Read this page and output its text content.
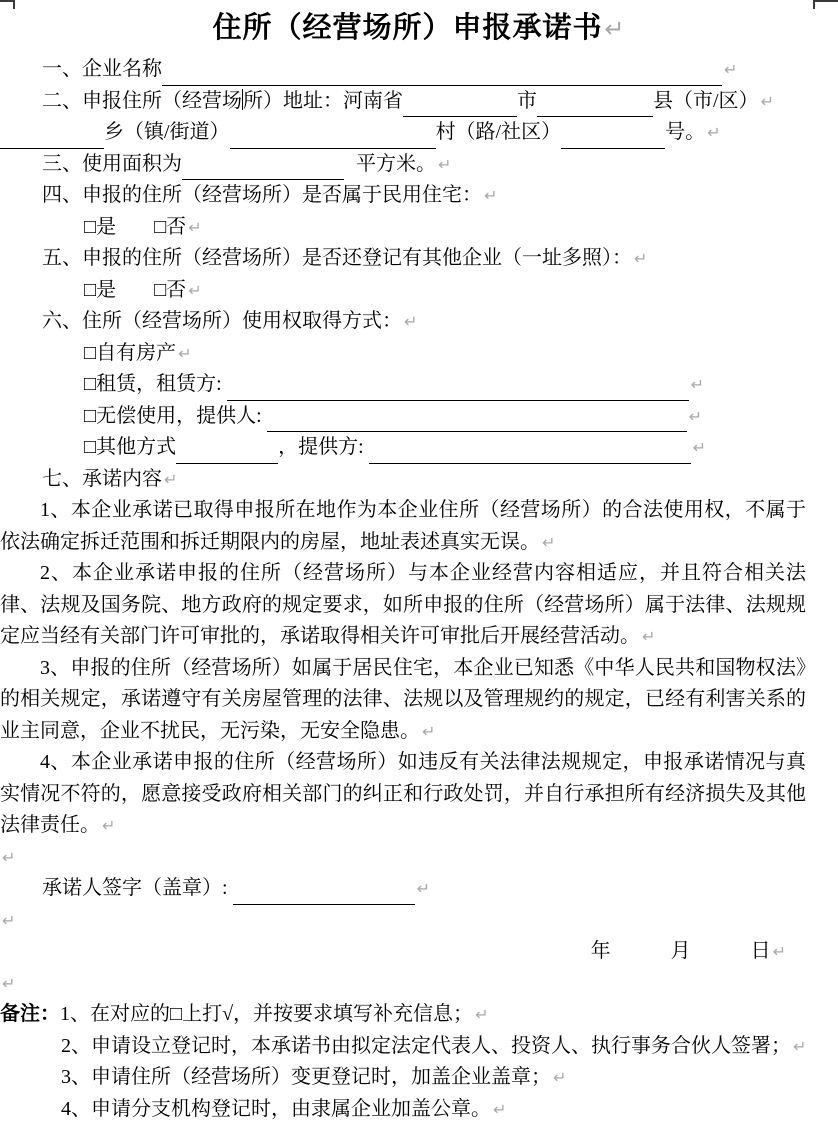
住所（经营场所）申报承诺书↵
一、企业名称	↵
二、申报住所（经营场所）地址：河南省	市	县（市/区） ↵
乡（镇/街道）	村（路/社区）	号。 ↵
三、使用面积为	平方米。 ↵
四、申报的住所（经营场所）是否属于民用住宅： ↵
□是 □否 ↵
五、申报的住所（经营场所）是否还登记有其他企业（一址多照）： ↵
□是 □否 ↵
六、住所（经营场所）使用权取得方式： ↵
□自有房产 ↵
□租赁，租赁方:	↵
□无偿使用，提供人:	↵
□其他方式	，提供方:	↵
七、承诺内容 ↵
1、本企业承诺已取得申报所在地作为本企业住所（经营场所）的合法使用权，不属于依法确定拆迁范围和拆迁期限内的房屋，地址表述真实无误。 ↵
2、本企业承诺申报的住所（经营场所）与本企业经营内容相适应，并且符合相关法律、法规及国务院、地方政府的规定要求，如所申报的住所（经营场所）属于法律、法规规定应当经有关部门许可审批的，承诺取得相关许可审批后开展经营活动。 ↵
3、申报的住所（经营场所）如属于居民住宅，本企业已知悉《中华人民共和国物权法》的相关规定，承诺遵守有关房屋管理的法律、法规以及管理规约的规定，已经有利害关系的业主同意，企业不扰民，无污染，无安全隐患。 ↵
4、本企业承诺申报的住所（经营场所）如违反有关法律法规规定，申报承诺情况与真实情况不符的，愿意接受政府相关部门的纠正和行政处罚，并自行承担所有经济损失及其他法律责任。 ↵
↵
承诺人签字（盖章）:	↵
↵
年　　　月　　　日 ↵
↵
备注： 1、在对应的□上打√，并按要求填写补充信息； ↵
2、申请设立登记时，本承诺书由拟定法定代表人、投资人、执行事务合伙人签署； ↵
3、申请住所（经营场所）变更登记时，加盖企业盖章； ↵
4、申请分支机构登记时，由隶属企业加盖公章。 ↵
